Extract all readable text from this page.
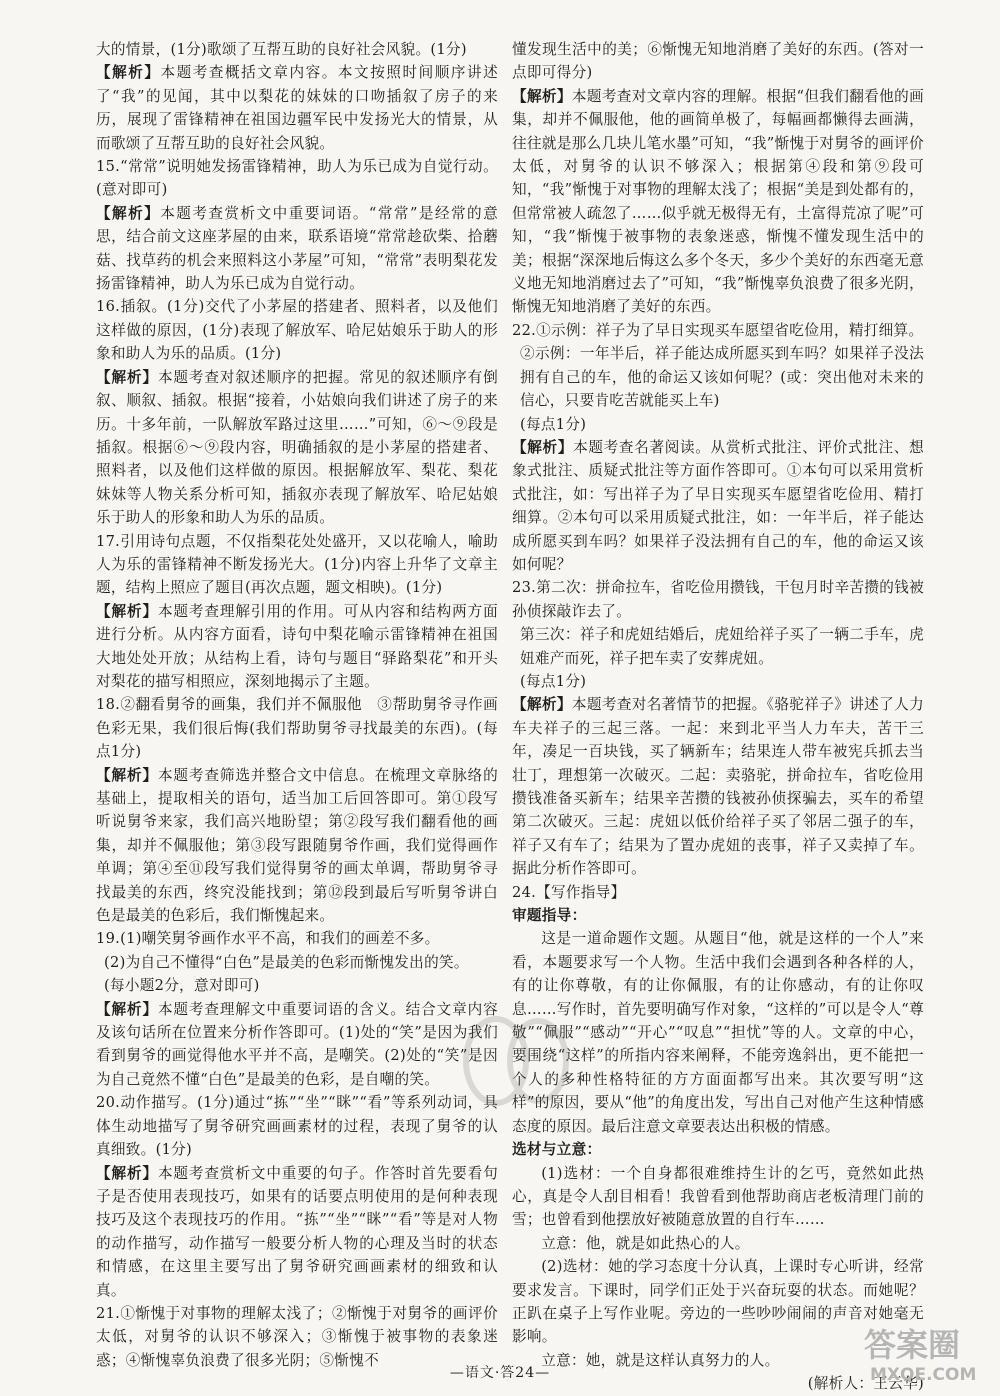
大的情景，(1分)歌颂了互帮互助的良好社会风貌。(1分)

【解析】本题考查概括文章内容。本文按照时间顺序讲述了“我”的见闻，其中以梨花的妹妹的口吻插叙了房子的来历，展现了雷锋精神在祖国边疆军民中发扬光大的情景，从而歌颂了互帮互助的良好社会风貌。

15.“常常”说明她发扬雷锋精神，助人为乐已成为自觉行动。(意对即可)

【解析】本题考查赏析文中重要词语。“常常”是经常的意思，结合前文这座茅屋的由来，联系语境“常常趁砍柴、拾蘑菇、找草药的机会来照料这小茅屋”可知，“常常”表明梨花发扬雷锋精神，助人为乐已成为自觉行动。

16.插叙。(1分)交代了小茅屋的搭建者、照料者，以及他们这样做的原因，(1分)表现了解放军、哈尼姑娘乐于助人的形象和助人为乐的品质。(1分)

【解析】本题考查对叙述顺序的把握。常见的叙述顺序有倒叙、顺叙、插叙。根据“接着，小姑娘向我们讲述了房子的来历。十多年前，一队解放军路过这里……”可知，⑥～⑨段是插叙。根据⑥～⑨段内容，明确插叙的是小茅屋的搭建者、照料者，以及他们这样做的原因。根据解放军、梨花、梨花妹妹等人物关系分析可知，插叙亦表现了解放军、哈尼姑娘乐于助人的形象和助人为乐的品质。

17.引用诗句点题，不仅指梨花处处盛开，又以花喻人，喻助人为乐的雷锋精神不断发扬光大。(1分)内容上升华了文章主题，结构上照应了题目(再次点题，题文相映)。(1分)

【解析】本题考查理解引用的作用。可从内容和结构两方面进行分析。从内容方面看，诗句中梨花喻示雷锋精神在祖国大地处处开放；从结构上看，诗句与题目“驿路梨花”和开头对梨花的描写相照应，深刻地揭示了主题。

18.②翻看舅爷的画集，我们并不佩服他　③帮助舅爷寻作画色彩无果，我们很后悔(我们帮助舅爷寻找最美的东西)。(每点1分)

【解析】本题考查筛选并整合文中信息。在梳理文章脉络的基础上，提取相关的语句，适当加工后回答即可。第①段写听说舅爷来家，我们高兴地盼望；第②段写我们翻看他的画集，却并不佩服他；第③段写跟随舅爷作画，我们觉得画作单调；第④至⑪段写我们觉得舅爷的画太单调，帮助舅爷寻找最美的东西，终究没能找到；第⑫段到最后写听舅爷讲白色是最美的色彩后，我们惭愧起来。

19.(1)嘲笑舅爷画作水平不高，和我们的画差不多。

(2)为自己不懂得“白色”是最美的色彩而惭愧发出的笑。

(每小题2分，意对即可)

【解析】本题考查理解文中重要词语的含义。结合文章内容及该句话所在位置来分析作答即可。(1)处的“笑”是因为我们看到舅爷的画觉得他水平并不高，是嘲笑。(2)处的“笑”是因为自己竟然不懂“白色”是最美的色彩，是自嘲的笑。

20.动作描写。(1分)通过“拣”“坐”“眯”“看”等系列动词，具体生动地描写了舅爷研究画画素材的过程，表现了舅爷的认真细致。(1分)

【解析】本题考查赏析文中重要的句子。作答时首先要看句子是否使用表现技巧，如果有的话要点明使用的是何种表现技巧及这个表现技巧的作用。“拣”“坐”“眯”“看”等是对人物的动作描写，动作描写一般要分析人物的心理及当时的状态和情感，在这里主要写出了舅爷研究画画素材的细致和认真。

21.①惭愧于对事物的理解太浅了；②惭愧于对舅爷的画评价太低，对舅爷的认识不够深入；③惭愧于被事物的表象迷惑；④惭愧辜负浪费了很多光阴；⑤惭愧不

懂发现生活中的美；⑥惭愧无知地消磨了美好的东西。(答对一点即可得分)

【解析】本题考查对文章内容的理解。根据“但我们翻看他的画集，却并不佩服他，他的画简单极了，每幅画都懒得去画满，往往就是那么几块儿笔水墨”可知，“我”惭愧于对舅爷的画评价太低，对舅爷的认识不够深入；根据第④段和第⑨段可知，“我”惭愧于对事物的理解太浅了；根据“美是到处都有的，但常常被人疏忽了……似乎就无极得无有，土富得荒凉了呢”可知，“我”惭愧于被事物的表象迷惑，惭愧不懂发现生活中的美；根据“深深地后悔这么多个冬天，多少个美好的东西毫无意义地无知地消磨过去了”可知，“我”惭愧辜负浪费了很多光阴，惭愧无知地消磨了美好的东西。

22.①示例：祥子为了早日实现买车愿望省吃俭用，精打细算。

②示例：一年半后，祥子能达成所愿买到车吗？如果祥子没法拥有自己的车，他的命运又该如何呢？(或：突出他对未来的信心，只要肯吃苦就能买上车)

(每点1分)

【解析】本题考查名著阅读。从赏析式批注、评价式批注、想象式批注、质疑式批注等方面作答即可。①本句可以采用赏析式批注，如：写出祥子为了早日实现买车愿望省吃俭用、精打细算。②本句可以采用质疑式批注，如：一年半后，祥子能达成所愿买到车吗？如果祥子没法拥有自己的车，他的命运又该如何呢？

23.第二次：拼命拉车，省吃俭用攒钱，干包月时辛苦攒的钱被孙侦探敲诈去了。

第三次：祥子和虎妞结婚后，虎妞给祥子买了一辆二手车，虎妞难产而死，祥子把车卖了安葬虎妞。

(每点1分)

【解析】本题考查对名著情节的把握。《骆驼祥子》讲述了人力车夫祥子的三起三落。一起：来到北平当人力车夫，苦干三年，凑足一百块钱，买了辆新车；结果连人带车被宪兵抓去当壮丁，理想第一次破灭。二起：卖骆驼，拼命拉车，省吃俭用攒钱准备买新车；结果辛苦攒的钱被孙侦探骗去，买车的希望第二次破灭。三起：虎妞以低价给祥子买了邻居二强子的车，祥子又有车了；结果为了置办虎妞的丧事，祥子又卖掉了车。据此分析作答即可。

24.【写作指导】

审题指导：

这是一道命题作文题。从题目“他，就是这样的一个人”来看，本题要求写一个人物。生活中我们会遇到各种各样的人，有的让你尊敬，有的让你佩服，有的让你感动，有的让你叹息……写作时，首先要明确写作对象，“这样的”可以是令人“尊敬”“佩服”“感动”“开心”“叹息”“担忧”等的人。文章的中心，要围绕“这样”的所指内容来阐释，不能旁逸斜出，更不能把一个人的多种性格特征的方方面面都写出来。其次要写明“这样”的原因，要从“他”的角度出发，写出自己对他产生这种情感态度的原因。最后注意文章要表达出积极的情感。

选材与立意：

(1)选材：一个自身都很难维持生计的乞丐，竟然如此热心，真是令人刮目相看！我曾看到他帮助商店老板清理门前的雪；也曾看到他摆放好被随意放置的自行车……

立意：他，就是如此热心的人。

(2)选材：她的学习态度十分认真，上课时专心听讲，经常要求发言。下课时，同学们正处于兴奋玩耍的状态。而她呢？正趴在桌子上写作业呢。旁边的一些吵吵闹闹的声音对她毫无影响。

立意：她，就是这样认真努力的人。

(解析人：王云华)

—语文·答24—
答案圈
MXQE.COM
